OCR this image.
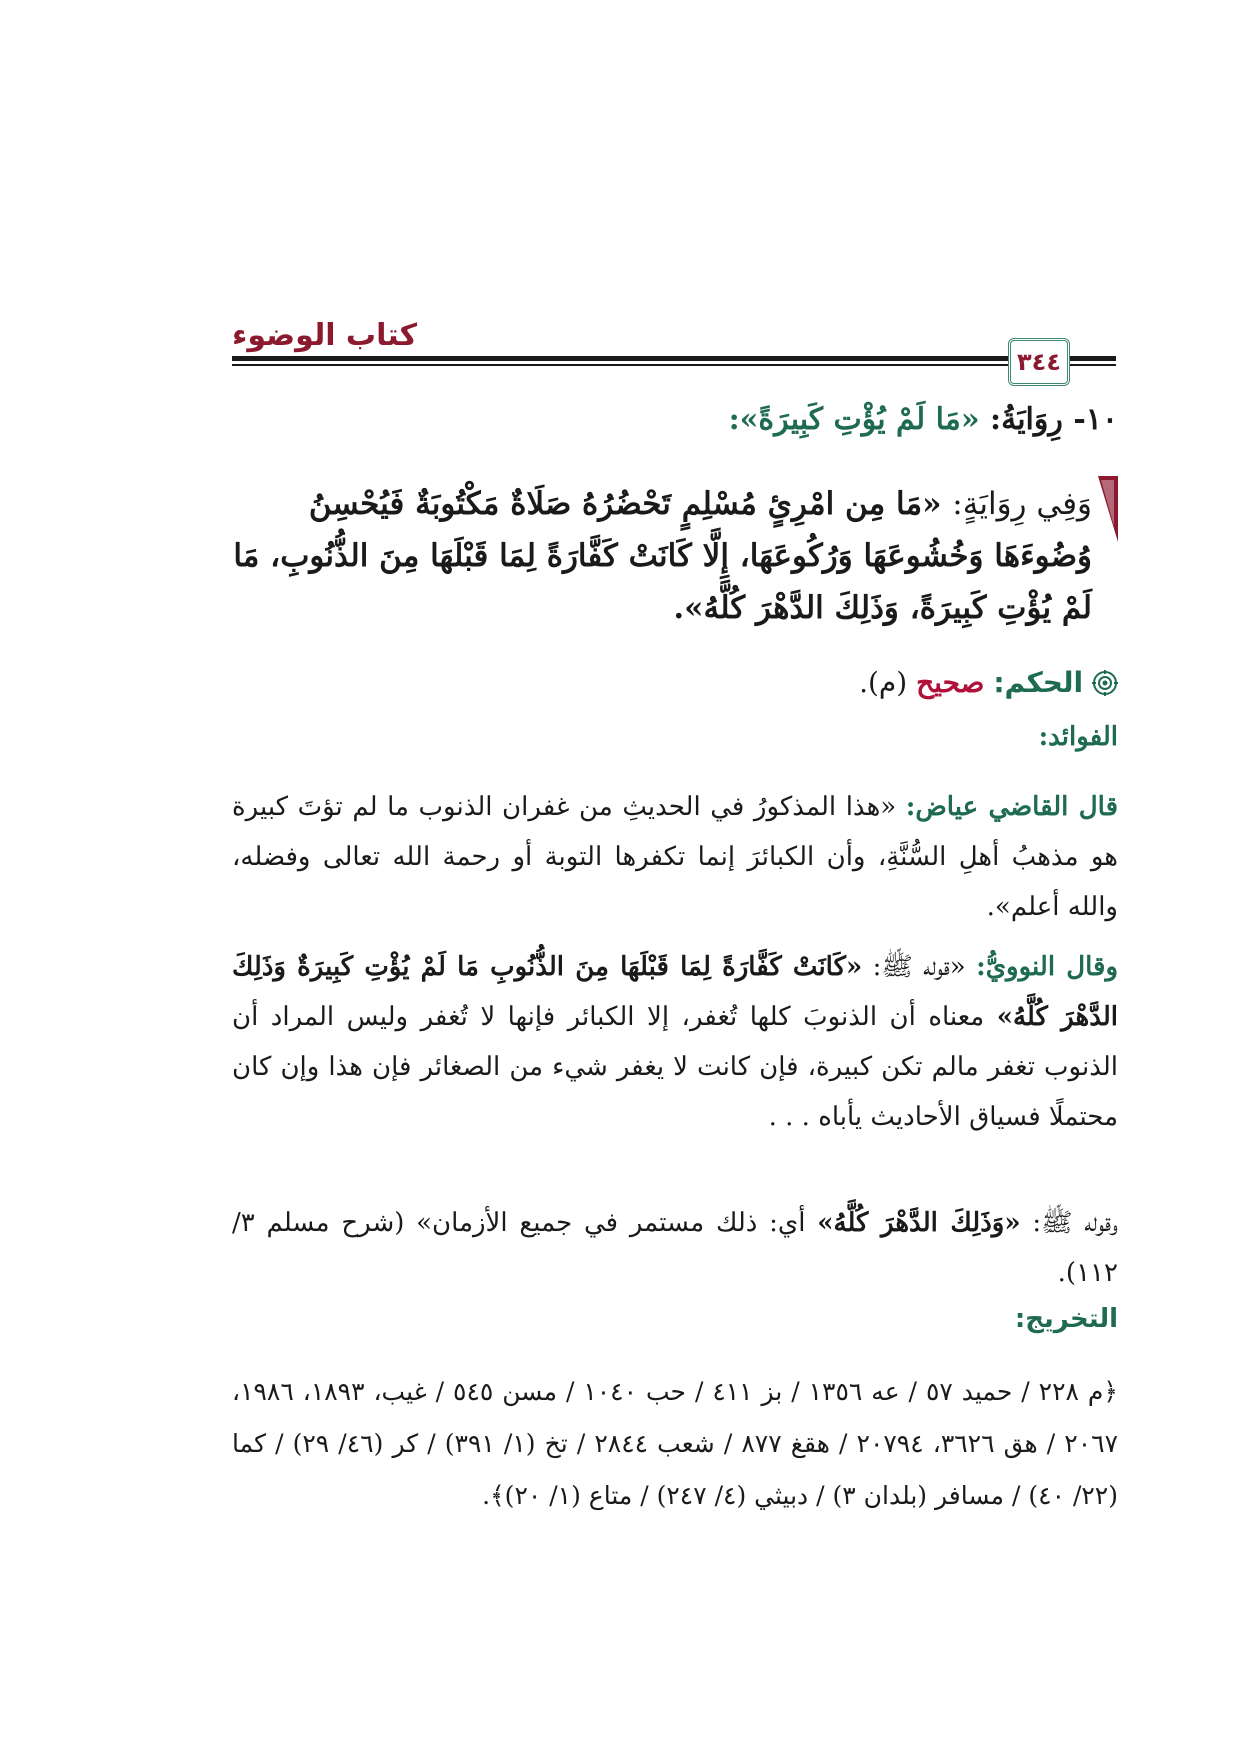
كتاب الوضوء
٣٤٤
١٠- رِوَايَةُ: «مَا لَمْ يُؤْتِ كَبِيرَةً»:
وَفِي رِوَايَةٍ: «مَا مِن امْرِئٍ مُسْلِمٍ تَحْضُرُهُ صَلَاةٌ مَكْتُوبَةٌ فَيُحْسِنُ وُضُوءَهَا وَخُشُوعَهَا وَرُكُوعَهَا، إِلَّا كَانَتْ كَفَّارَةً لِمَا قَبْلَهَا مِنَ الذُّنُوبِ، مَا لَمْ يُؤْتِ كَبِيرَةً، وَذَلِكَ الدَّهْرَ كُلَّهُ».
الحكم: صحيح (م).
الفوائد:
قال القاضي عياض: «هذا المذكورُ في الحديثِ من غفران الذنوب ما لم تؤتَ كبيرة هو مذهبُ أهلِ السُّنَّةِ، وأن الكبائرَ إنما تكفرها التوبة أو رحمة الله تعالى وفضله، والله أعلم».
وقال النوويُّ: «قوله ﷺ: «كَانَتْ كَفَّارَةً لِمَا قَبْلَهَا مِنَ الذُّنُوبِ مَا لَمْ يُؤْتِ كَبِيرَةٌ وَذَلِكَ الدَّهْرَ كُلَّهُ» معناه أن الذنوبَ كلها تُغفر، إلا الكبائر فإنها لا تُغفر وليس المراد أن الذنوب تغفر مالم تكن كبيرة، فإن كانت لا يغفر شيء من الصغائر فإن هذا وإن كان محتملًا فسياق الأحاديث يأباه . . .
وقوله ﷺ: «وَذَلِكَ الدَّهْرَ كُلَّهُ» أي: ذلك مستمر في جميع الأزمان» (شرح مسلم ٣/ ١١٢).
التخريج:
﴿م ٢٢٨ / حميد ٥٧ / عه ١٣٥٦ / بز ٤١١ / حب ١٠٤٠ / مسن ٥٤٥ / غيب، ١٨٩٣، ١٩٨٦، ٢٠٦٧ / هق ٣٦٢٦، ٢٠٧٩٤ / هقغ ٨٧٧ / شعب ٢٨٤٤ / تخ (١/ ٣٩١) / كر (٤٦/ ٢٩) / كما (٢٢/ ٤٠) / مسافر (بلدان ٣) / دبيثي (٤/ ٢٤٧) / متاع (١/ ٢٠)﴾.
